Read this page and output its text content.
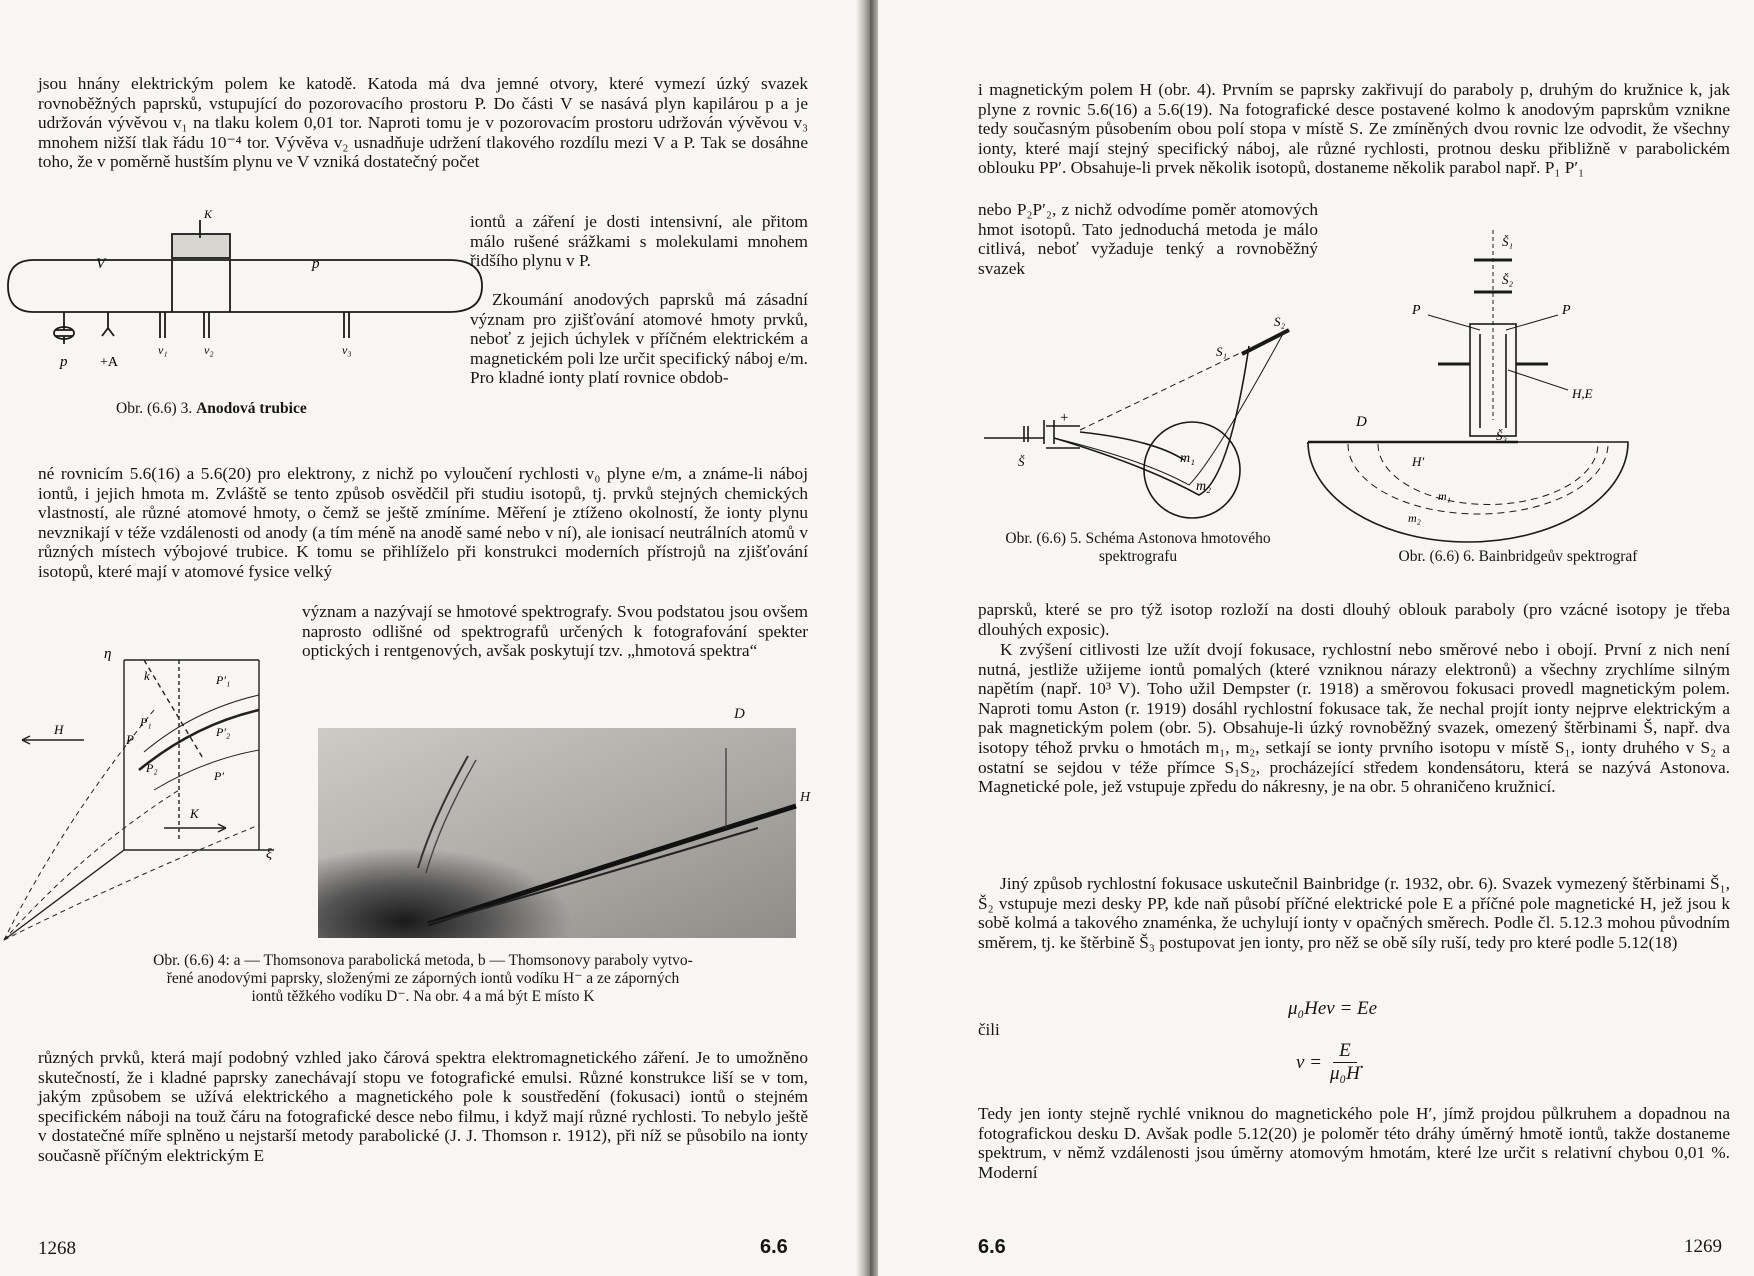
jsou hnány elektrickým polem ke katodě. Katoda má dva jemné otvory, které vymezí úzký svazek rovnoběžných paprsků, vstupující do pozorovacího prostoru P. Do části V se nasává plyn kapilárou p a je udržován vývěvou v₁ na tlaku kolem 0,01 tor. Naproti tomu je v pozorovacím prostoru udržován vývěvou v₃ mnohem nižší tlak řádu 10⁻⁴ tor. Vývěva v₂ usnadňuje udržení tlakového rozdílu mezi V a P. Tak se dosáhne toho, že v poměrně hustším plynu ve V vzniká dostatečný počet

V	p
K
p +A
v₁	v₂	v₃
Obr. (6.6) 3. Anodová trubice

iontů a záření je dosti intensivní, ale přitom málo rušené srážkami s molekulami mnohem řidšího plynu v P.

Zkoumání anodových paprsků má zásadní význam pro zjišťování atomové hmoty prvků, neboť z jejich úchylek v příčném elektrickém a magnetickém poli lze určit specifický náboj e/m. Pro kladné ionty platí rovnice obdob-

né rovnicím 5.6(16) a 5.6(20) pro elektrony, z nichž po vyloučení rychlosti v₀ plyne e/m, a známe-li náboj iontů, i jejich hmota m. Zvláště se tento způsob osvědčil při studiu isotopů, tj. prvků stejných chemických vlastností, ale různé atomové hmoty, o čemž se ještě zmíníme. Měření je ztíženo okolností, že ionty plynu nevznikají v téže vzdálenosti od anody (a tím méně na anodě samé nebo v ní), ale ionisací neutrálních atomů v různých místech výbojové trubice. K tomu se přihlíželo při konstrukci moderních přístrojů na zjišťování isotopů, které mají v atomové fysice velký

význam a nazývají se hmotové spektrografy. Svou podstatou jsou ovšem naprosto odlišné od spektrografů určených k fotografování spekter optických i rentgenových, avšak poskytují tzv. „hmotová spektra“

η
k
H
P
P₁
P₂
P′₁
P′₂
P′
K
ξ
D
H
Obr. (6.6) 4: a — Thomsonova parabolická metoda, b — Thomsonovy paraboly vytvo-
řené anodovými paprsky, složenými ze záporných iontů vodíku H⁻ a ze záporných
iontů těžkého vodíku D⁻. Na obr. 4 a má být E místo K

různých prvků, která mají podobný vzhled jako čárová spektra elektromagnetického záření. Je to umožněno skutečností, že i kladné paprsky zanechávají stopu ve fotografické emulsi. Různé konstrukce liší se v tom, jakým způsobem se užívá elektrického a magnetického pole k soustředění (fokusaci) iontů o stejném specifickém náboji na touž čáru na fotografické desce nebo filmu, i když mají různé rychlosti. To nebylo ještě v dostatečné míře splněno u nejstarší metody parabolické (J. J. Thomson r. 1912), při níž se působilo na ionty současně příčným elektrickým E

1268	6.6

i magnetickým polem H (obr. 4). Prvním se paprsky zakřivují do paraboly p, druhým do kružnice k, jak plyne z rovnic 5.6(16) a 5.6(19). Na fotografické desce postavené kolmo k anodovým paprskům vznikne tedy současným působením obou polí stopa v místě S. Ze zmíněných dvou rovnic lze odvodit, že všechny ionty, které mají stejný specifický náboj, ale různé rychlosti, protnou desku přibližně v parabolickém oblouku PP′. Obsahuje-li prvek několik isotopů, dostaneme několik parabol např. P₁ P′₁

nebo P₂P′₂, z nichž odvodíme poměr atomových hmot isotopů. Tato jednoduchá metoda je málo citlivá, neboť vyžaduje tenký a rovnoběžný svazek

S₁
S₂
m₁
m₂
Š
+
Obr. (6.6) 5. Schéma Astonova hmotového spektrografu
Š₁
Š₂
Š₃
P	P
D
H,E
H′
m₁
m₂
Obr. (6.6) 6. Bainbridgeův spektrograf

paprsků, které se pro týž isotop rozloží na dosti dlouhý oblouk paraboly (pro vzácné isotopy je třeba dlouhých exposic).

K zvýšení citlivosti lze užít dvojí fokusace, rychlostní nebo směrové nebo i obojí. První z nich není nutná, jestliže užijeme iontů pomalých (které vzniknou nárazy elektronů) a všechny zrychlíme silným napětím (např. 10³ V). Toho užil Dempster (r. 1918) a směrovou fokusaci provedl magnetickým polem. Naproti tomu Aston (r. 1919) dosáhl rychlostní fokusace tak, že nechal projít ionty nejprve elektrickým a pak magnetickým polem (obr. 5). Obsahuje-li úzký rovnoběžný svazek, omezený štěrbinami Š, např. dva isotopy téhož prvku o hmotách m₁, m₂, setkají se ionty prvního isotopu v místě S₁, ionty druhého v S₂ a ostatní se sejdou v téže přímce S₁S₂, procházející středem kondensátoru, která se nazývá Astonova. Magnetické pole, jež vstupuje zpředu do nákresny, je na obr. 5 ohraničeno kružnicí.

Jiný způsob rychlostní fokusace uskutečnil Bainbridge (r. 1932, obr. 6). Svazek vymezený štěrbinami Š₁, Š₂ vstupuje mezi desky PP, kde naň působí příčné elektrické pole E a příčné pole magnetické H, jež jsou k sobě kolmá a takového znaménka, že uchylují ionty v opačných směrech. Podle čl. 5.12.3 mohou původním směrem, tj. ke štěrbině Š₃ postupovat jen ionty, pro něž se obě síly ruší, tedy pro které podle 5.12(18)

μ₀Hev = Ee
čili
$v = \frac{E}{\text{μ₀H}}$ .

Tedy jen ionty stejně rychlé vniknou do magnetického pole H′, jímž projdou půlkruhem a dopadnou na fotografickou desku D. Avšak podle 5.12(20) je poloměr této dráhy úměrný hmotě iontů, takže dostaneme spektrum, v němž vzdálenosti jsou úměrny atomovým hmotám, které lze určit s relativní chybou 0,01 %. Moderní

6.6	1269
